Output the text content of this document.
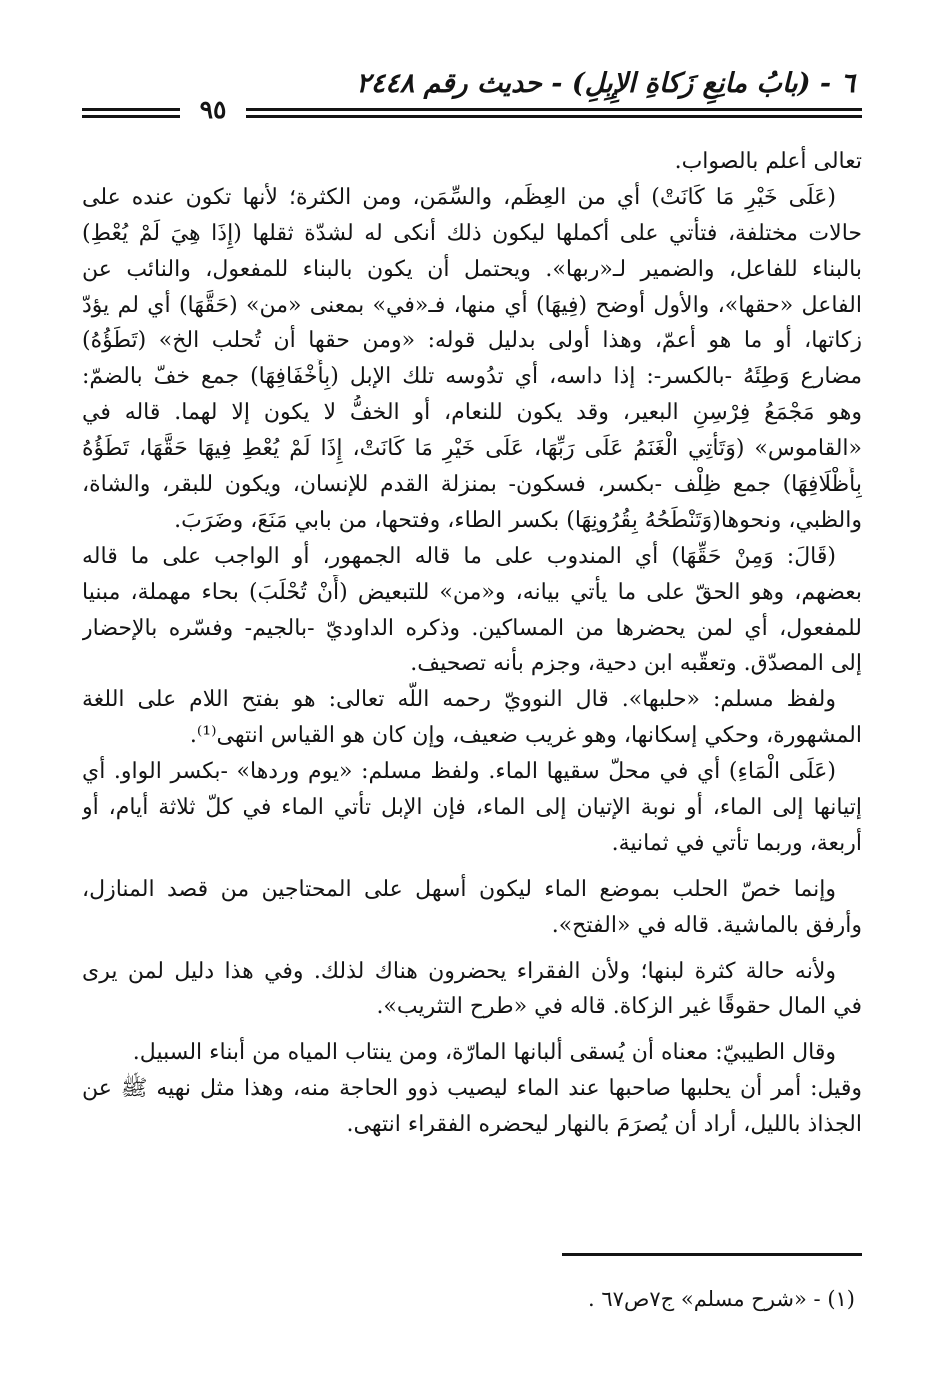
٦ - (بابُ مانِعِ زَكاةِ الإِبِلِ) - حديث رقم ٢٤٤٨
٩٥
تعالى أعلم بالصواب.
(عَلَى خَيْرِ مَا كَانَتْ) أي من العِظَم، والسِّمَن، ومن الكثرة؛ لأنها تكون عنده على
حالات مختلفة، فتأتي على أكملها ليكون ذلك أنكى له لشدّة ثقلها (إِذَا هِيَ لَمْ يُعْطِ)
بالبناء للفاعل، والضمير لـ«ربها». ويحتمل أن يكون بالبناء للمفعول، والنائب عن
الفاعل «حقها»، والأول أوضح (فِيهَا) أي منها، فـ«في» بمعنى «من» (حَقَّهَا) أي لم يؤدّ
زكاتها، أو ما هو أعمّ، وهذا أولى بدليل قوله: «ومن حقها أن تُحلب الخ» (تَطَؤُهُ)
مضارع وَطِئَهُ -بالكسر-: إذا داسه، أي تدُوسه تلك الإبل (بِأَخْفَافِهَا) جمع خفّ بالضمّ:
وهو مَجْمَعُ فِرْسِنِ البعير، وقد يكون للنعام، أو الخفُّ لا يكون إلا لهما. قاله في
«القاموس» (وَتَأْتِي الْغَنَمُ عَلَى رَبِّهَا، عَلَى خَيْرِ مَا كَانَتْ، إِذَا لَمْ يُعْطِ فِيهَا حَقَّهَا، تَطَؤُهُ
بِأَظْلَافِهَا) جمع ظِلْف -بكسر، فسكون- بمنزلة القدم للإنسان، ويكون للبقر، والشاة،
والظبي، ونحوها(وَتَنْطَحُهُ بِقُرُونِهَا) بكسر الطاء، وفتحها، من بابي مَنَعَ، وضَرَبَ.
(قَالَ: وَمِنْ حَقِّهَا) أي المندوب على ما قاله الجمهور، أو الواجب على ما قاله
بعضهم، وهو الحقّ على ما يأتي بيانه، و«من» للتبعيض (أَنْ تُحْلَبَ) بحاء مهملة، مبنيا
للمفعول، أي لمن يحضرها من المساكين. وذكره الداوديّ -بالجيم- وفسّره بالإحضار
إلى المصدّق. وتعقّبه ابن دحية، وجزم بأنه تصحيف.
ولفظ مسلم: «حلبها». قال النوويّ رحمه اللّه تعالى: هو بفتح اللام على اللغة
المشهورة، وحكي إسكانها، وهو غريب ضعيف، وإن كان هو القياس انتهى⁽¹⁾.
(عَلَى الْمَاءِ) أي في محلّ سقيها الماء. ولفظ مسلم: «يوم وردها» -بكسر الواو. أي
إتيانها إلى الماء، أو نوبة الإتيان إلى الماء، فإن الإبل تأتي الماء في كلّ ثلاثة أيام، أو
أربعة، وربما تأتي في ثمانية.
وإنما خصّ الحلب بموضع الماء ليكون أسهل على المحتاجين من قصد المنازل،
وأرفق بالماشية. قاله في «الفتح».
ولأنه حالة كثرة لبنها؛ ولأن الفقراء يحضرون هناك لذلك. وفي هذا دليل لمن يرى
في المال حقوقًا غير الزكاة. قاله في «طرح التثريب».
وقال الطيبيّ: معناه أن يُسقى ألبانها المارّة، ومن ينتاب المياه من أبناء السبيل.
وقيل: أمر أن يحلبها صاحبها عند الماء ليصيب ذوو الحاجة منه، وهذا مثل نهيه ﷺ عن
الجذاذ بالليل، أراد أن يُصرَمَ بالنهار ليحضره الفقراء انتهى.
(١) - «شرح مسلم» ج٧ص٦٧ .
